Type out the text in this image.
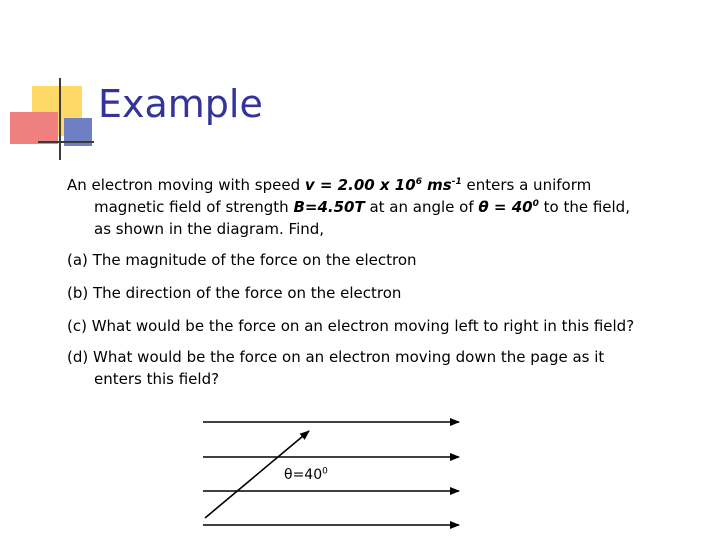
Example
An electron moving with speed v = 2.00 x $10^6$ $ms^{-1}$ enters a uniform
magnetic field of strength B=4.50T at an angle of $\theta = 40^0$ to the field,
as shown in the diagram. Find,
(a) The magnitude of the force on the electron
(b) The direction of the force on the electron
(c) What would be the force on an electron moving left to right in this field?
(d) What would be the force on an electron moving down the page as it
enters this field?
$\theta=40^0$
